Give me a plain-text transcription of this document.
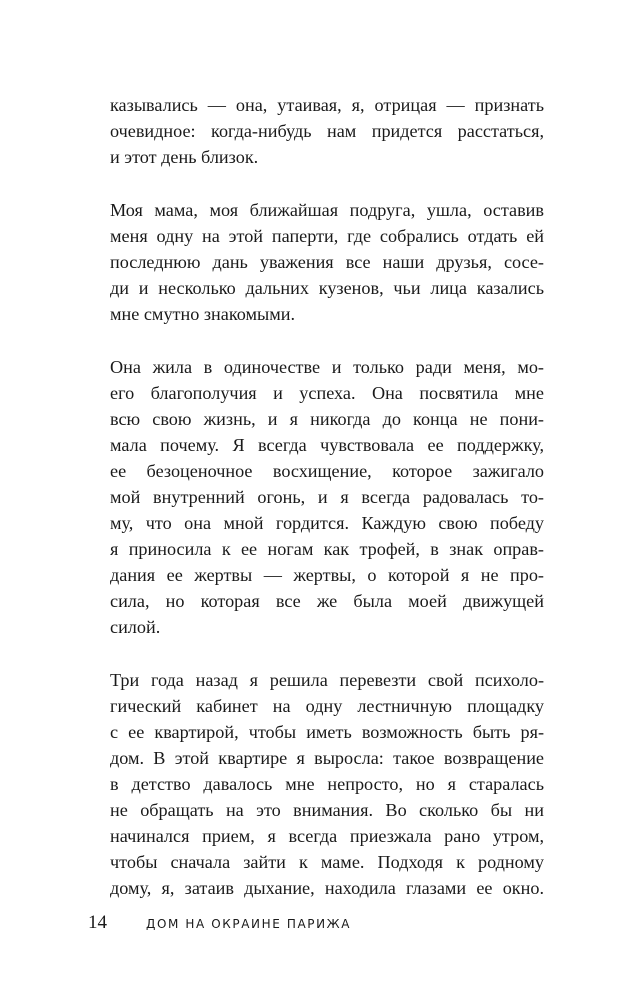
казывались — она, утаивая, я, отрицая — признать
очевидное: когда-нибудь нам придется расстаться,
и этот день близок.

Моя мама, моя ближайшая подруга, ушла, оставив
меня одну на этой паперти, где собрались отдать ей
последнюю дань уважения все наши друзья, сосе-
ди и несколько дальних кузенов, чьи лица казались
мне смутно знакомыми.

Она жила в одиночестве и только ради меня, мо-
его благополучия и успеха. Она посвятила мне
всю свою жизнь, и я никогда до конца не пони-
мала почему. Я всегда чувствовала ее поддержку,
ее безоценочное восхищение, которое зажигало
мой внутренний огонь, и я всегда радовалась то-
му, что она мной гордится. Каждую свою победу
я приносила к ее ногам как трофей, в знак оправ-
дания ее жертвы — жертвы, о которой я не про-
сила, но которая все же была моей движущей
силой.

Три года назад я решила перевезти свой психоло-
гический кабинет на одну лестничную площадку
с ее квартирой, чтобы иметь возможность быть ря-
дом. В этой квартире я выросла: такое возвращение
в детство давалось мне непросто, но я старалась
не обращать на это внимания. Во сколько бы ни
начинался прием, я всегда приезжала рано утром,
чтобы сначала зайти к маме. Подходя к родному
дому, я, затаив дыхание, находила глазами ее окно.

14	ДОМ НА ОКРАИНЕ ПАРИЖА
